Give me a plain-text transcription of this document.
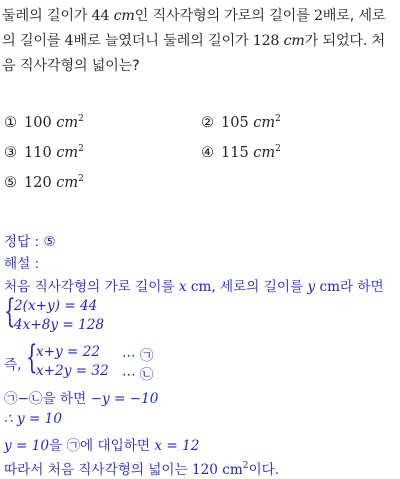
둘레의 길이가 44 cm인 직사각형의 가로의 길이를 2배로, 세로의 길이를 4배로 늘였더니 둘레의 길이가 128 cm가 되었다. 처음 직사각형의 넓이는?
① 100 $cm^2$	② 105 $cm^2$
③ 110 $cm^2$	④ 115 $cm^2$
⑤ 120 $cm^2$
정답 : ⑤
해설 :
처음 직사각형의 가로 길이를 x cm, 세로의 길이를 y cm라 하면
{
2(x+y) = 44
4x+8y = 128
즉, {
x+y = 22 ⋯ ㉠
x+2y = 32 ⋯ ㉡
㉠−㉡을 하면 −y = −10
∴ y = 10
y = 10을 ㉠에 대입하면 x = 12
따라서 처음 직사각형의 넓이는 120 $cm^2$이다.
